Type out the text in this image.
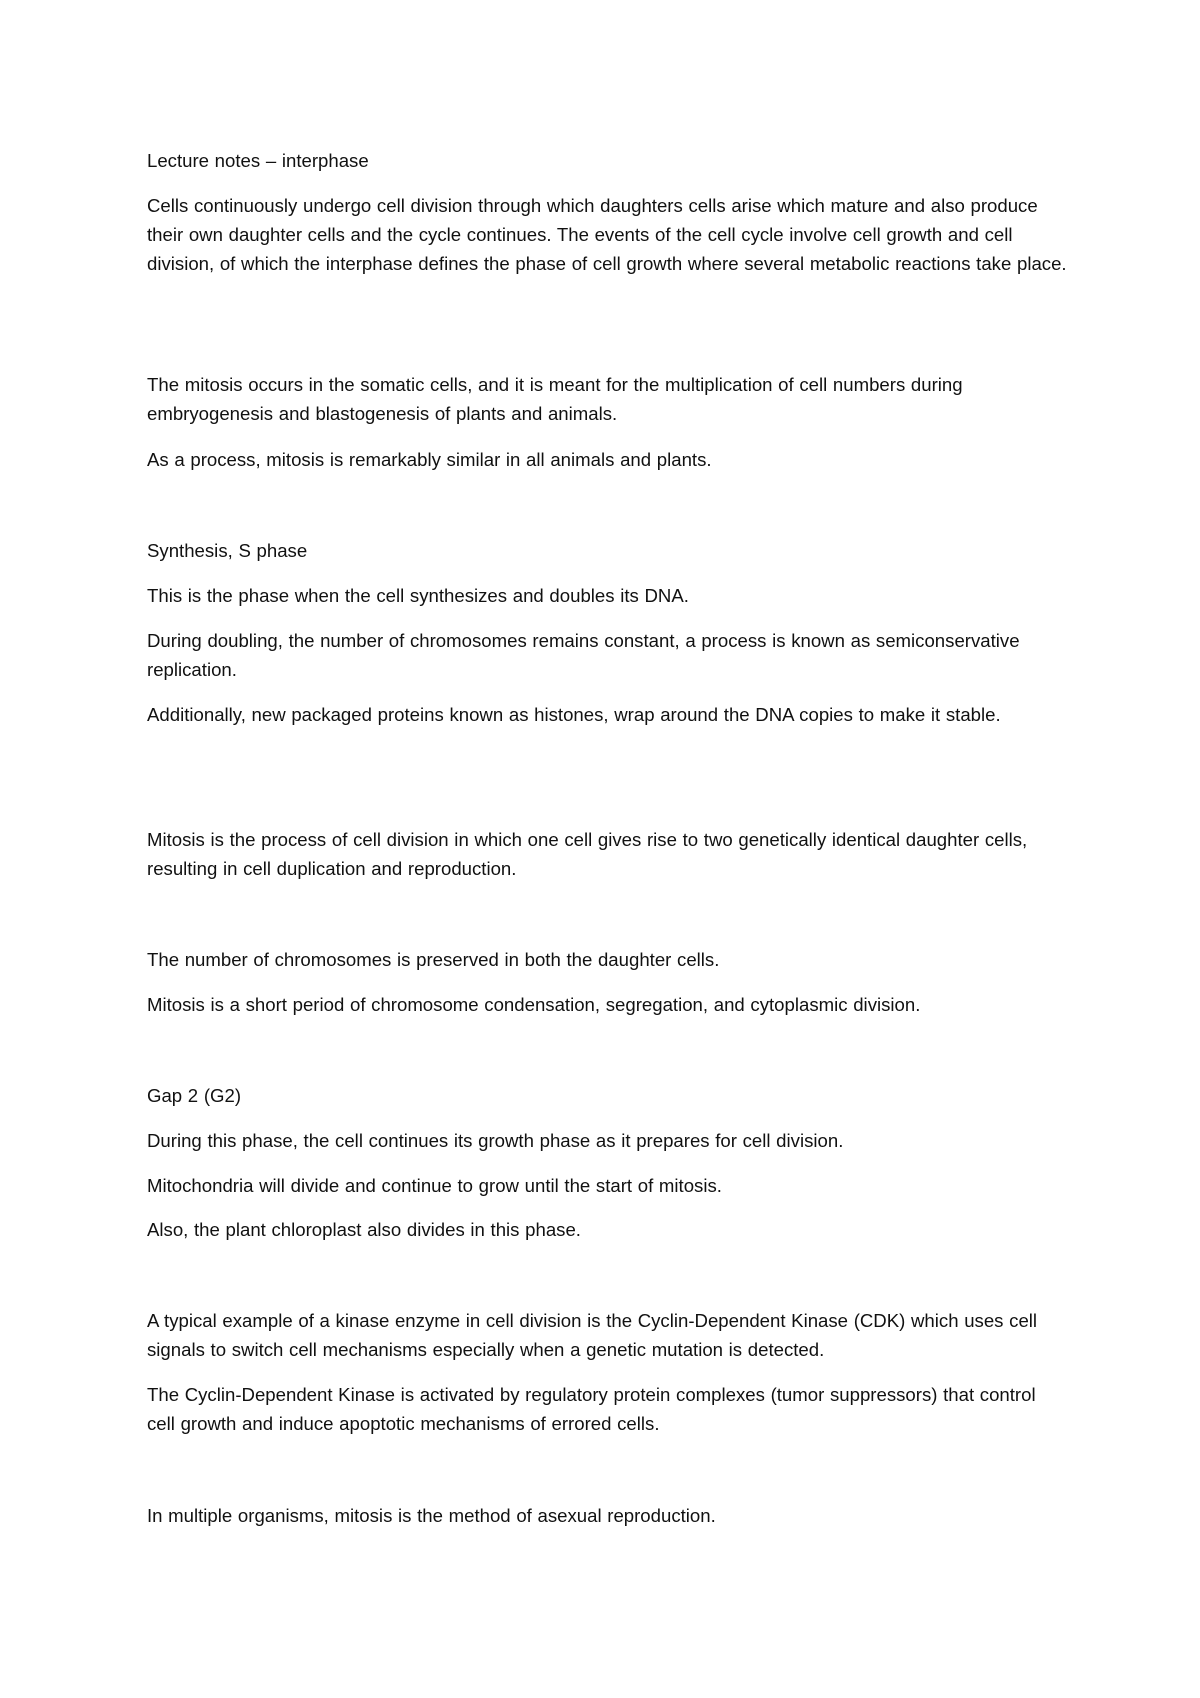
Lecture notes – interphase

Cells continuously undergo cell division through which daughters cells arise which mature and also produce their own daughter cells and the cycle continues. The events of the cell cycle involve cell growth and cell division, of which the interphase defines the phase of cell growth where several metabolic reactions take place.

The mitosis occurs in the somatic cells, and it is meant for the multiplication of cell numbers during embryogenesis and blastogenesis of plants and animals.

As a process, mitosis is remarkably similar in all animals and plants.

Synthesis, S phase

This is the phase when the cell synthesizes and doubles its DNA.

During doubling, the number of chromosomes remains constant, a process is known as semiconservative replication.

Additionally, new packaged proteins known as histones, wrap around the DNA copies to make it stable.

Mitosis is the process of cell division in which one cell gives rise to two genetically identical daughter cells, resulting in cell duplication and reproduction.

The number of chromosomes is preserved in both the daughter cells.

Mitosis is a short period of chromosome condensation, segregation, and cytoplasmic division.

Gap 2 (G2)

During this phase, the cell continues its growth phase as it prepares for cell division.

Mitochondria will divide and continue to grow until the start of mitosis.

Also, the plant chloroplast also divides in this phase.

A typical example of a kinase enzyme in cell division is the Cyclin-Dependent Kinase (CDK) which uses cell signals to switch cell mechanisms especially when a genetic mutation is detected.

The Cyclin-Dependent Kinase is activated by regulatory protein complexes (tumor suppressors) that control cell growth and induce apoptotic mechanisms of errored cells.

In multiple organisms, mitosis is the method of asexual reproduction.
